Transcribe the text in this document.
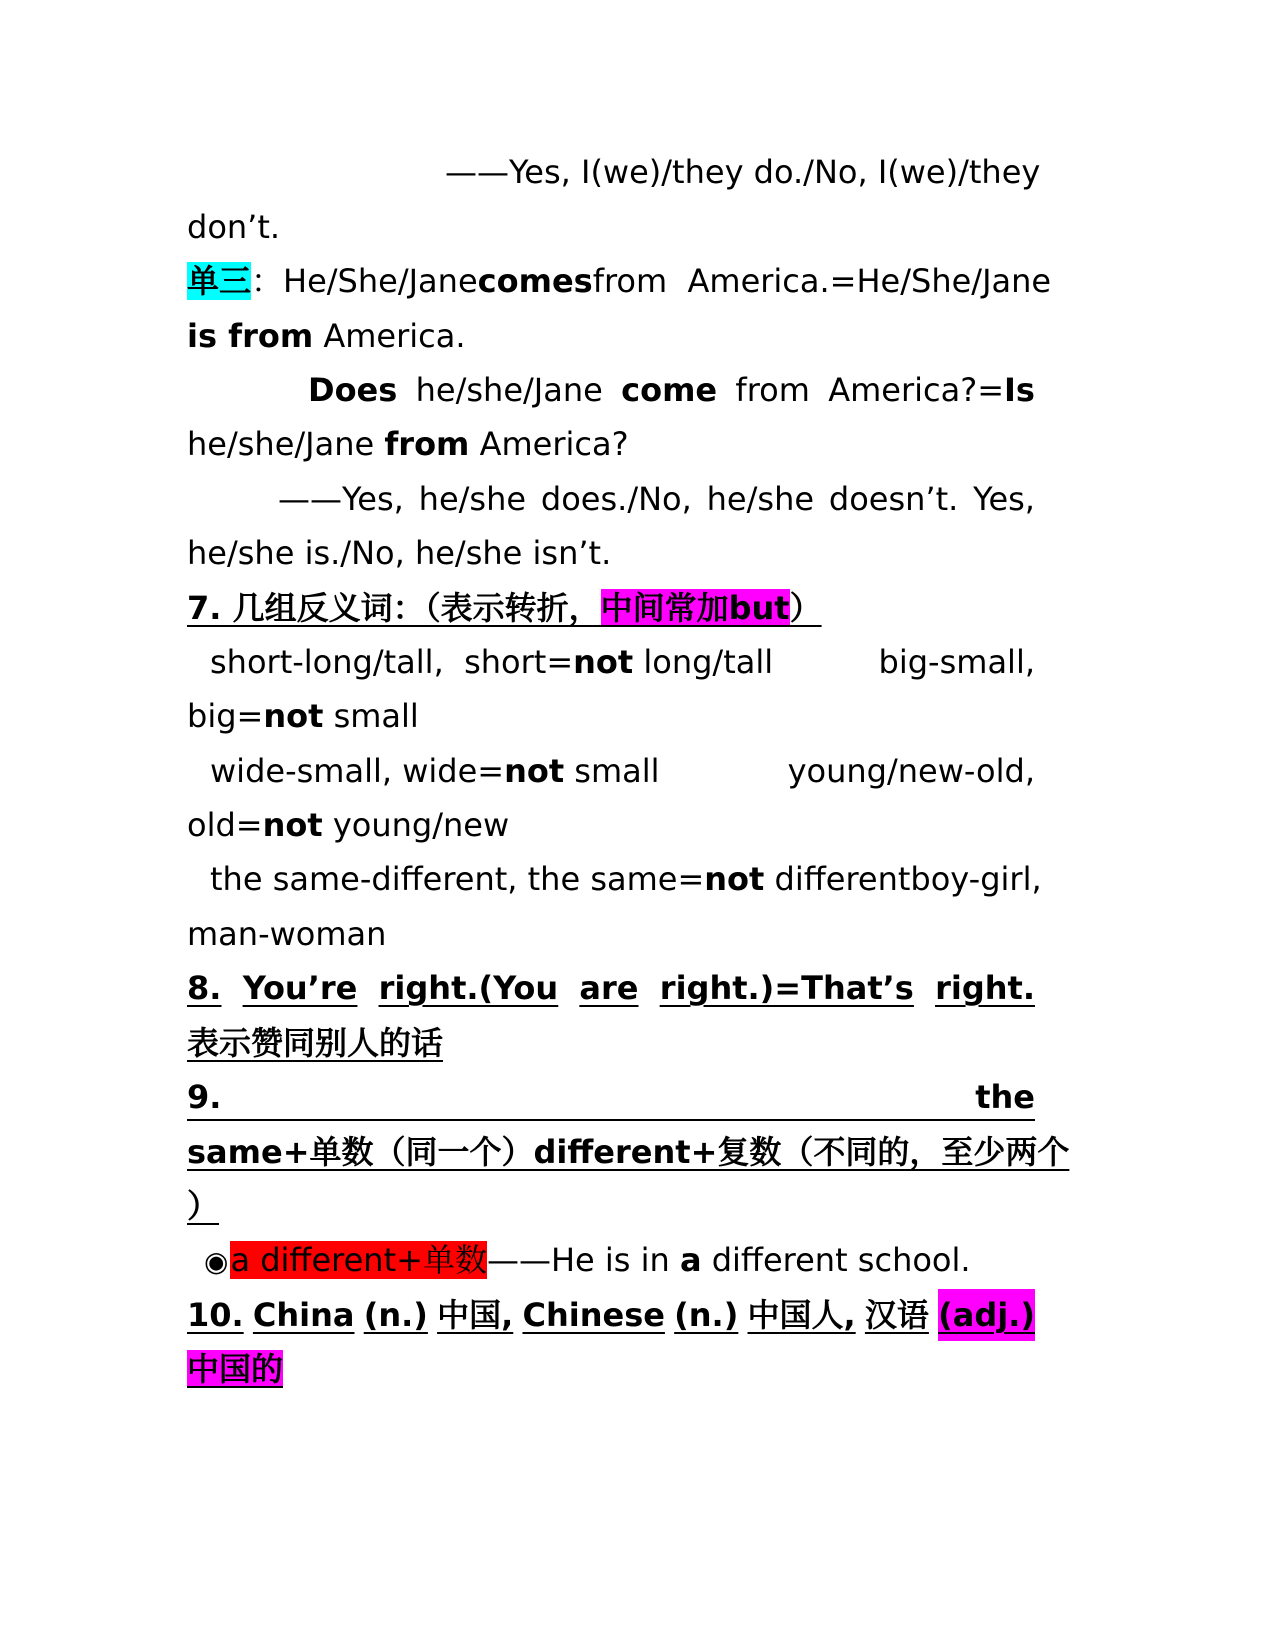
——Yes, I(we)/they do./No, I(we)/they
don’t.
单三：He/She/Jane comes from  America.=He/She/Jane
is from America.
Does he/she/Jane come from America?=Is
he/she/Jane from America?
——Yes, he/she does./No, he/she doesn’t. Yes,
he/she is./No, he/she isn’t.
7. 几组反义词：（表示转折，中间常加but）
short-long/tall,  short=not long/tall	big-small,
big=not small
wide-small, wide=not small	young/new-old,
old=not young/new
the same-different, the same=not different boy-girl,
man-woman
8. You’re right.(You are right.)=That’s right.
表示赞同别人的话
9.	the
same+单数（同一个）different+复数（不同的，至少两个
）
◉a different+单数——He is in a different school.
10. China (n.) 中国, Chinese (n.) 中国人, 汉语 (adj.)
中国的
